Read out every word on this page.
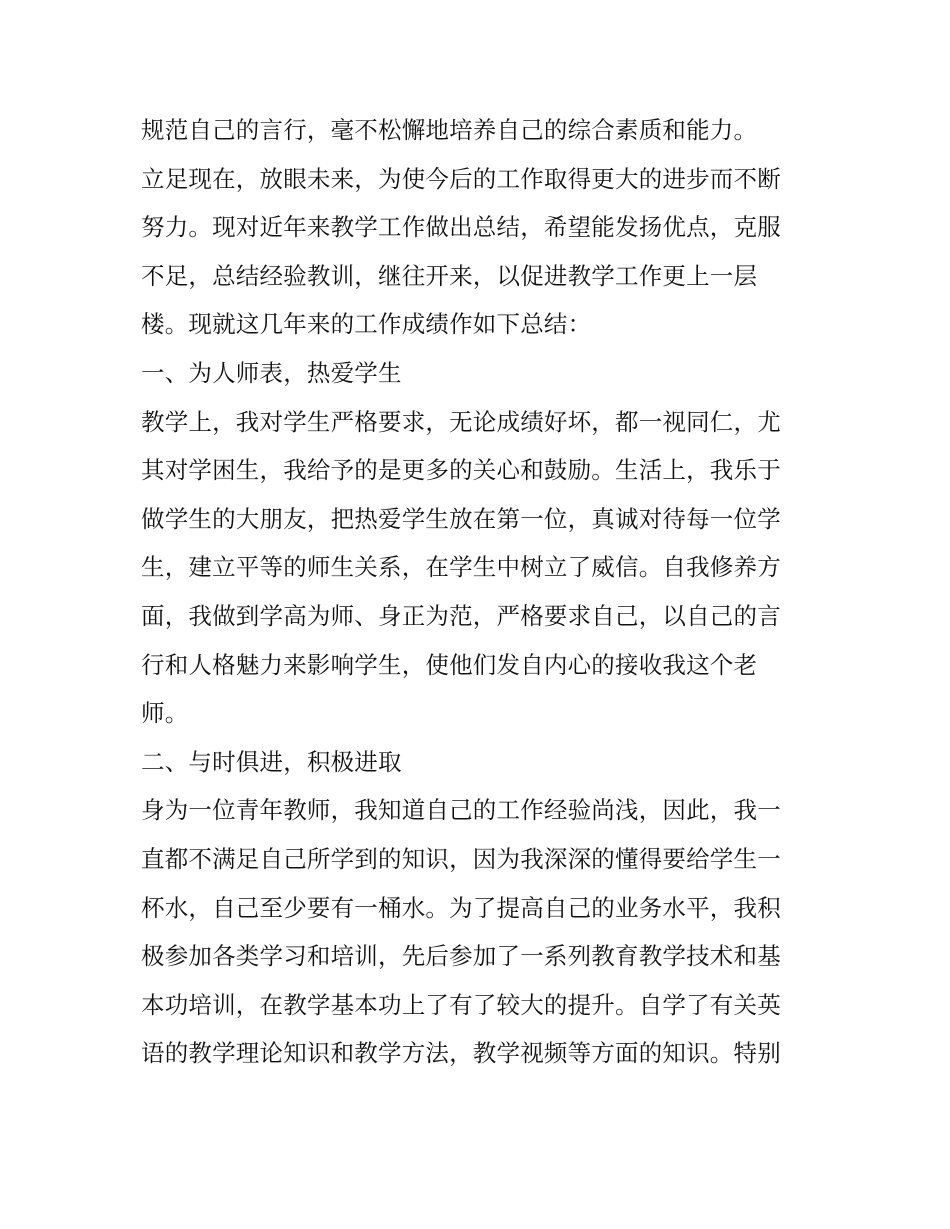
规范自己的言行，毫不松懈地培养自己的综合素质和能力。
立足现在，放眼未来，为使今后的工作取得更大的进步而不断
努力。现对近年来教学工作做出总结，希望能发扬优点，克服
不足，总结经验教训，继往开来，以促进教学工作更上一层
楼。现就这几年来的工作成绩作如下总结：
一、为人师表，热爱学生
教学上，我对学生严格要求，无论成绩好坏，都一视同仁，尤
其对学困生，我给予的是更多的关心和鼓励。生活上，我乐于
做学生的大朋友，把热爱学生放在第一位，真诚对待每一位学
生，建立平等的师生关系，在学生中树立了威信。自我修养方
面，我做到学高为师、身正为范，严格要求自己，以自己的言
行和人格魅力来影响学生，使他们发自内心的接收我这个老
师。
二、与时俱进，积极进取
身为一位青年教师，我知道自己的工作经验尚浅，因此，我一
直都不满足自己所学到的知识，因为我深深的懂得要给学生一
杯水，自己至少要有一桶水。为了提高自己的业务水平，我积
极参加各类学习和培训，先后参加了一系列教育教学技术和基
本功培训，在教学基本功上了有了较大的提升。自学了有关英
语的教学理论知识和教学方法，教学视频等方面的知识。特别
